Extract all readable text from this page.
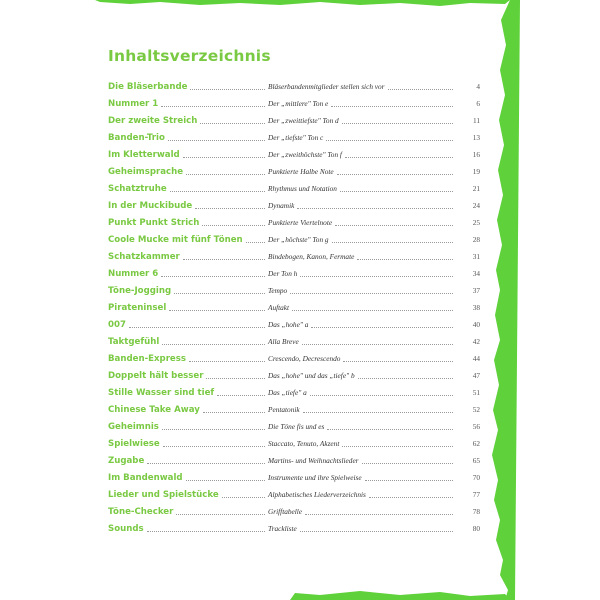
Inhaltsverzeichnis
Die Bläserbande	Bläserbandenmitglieder stellen sich vor	4
Nummer 1	Der „mittlere" Ton e	6
Der zweite Streich	Der „zweittiefste" Ton d	11
Banden-Trio	Der „tiefste" Ton c	13
Im Kletterwald	Der „zweithöchste" Ton f	16
Geheimsprache	Punktierte Halbe Note	19
Schatztruhe	Rhythmus und Notation	21
In der Muckibude	Dynamik	24
Punkt Punkt Strich	Punktierte Viertelnote	25
Coole Mucke mit fünf Tönen	Der „höchste" Ton g	28
Schatzkammer	Bindebogen, Kanon, Fermate	31
Nummer 6	Der Ton h	34
Töne-Jogging	Tempo	37
Pirateninsel	Auftakt	38
007	Das „hohe" a	40
Taktgefühl	Alla Breve	42
Banden-Express	Crescendo, Decrescendo	44
Doppelt hält besser	Das „hohe" und das „tiefe" b	47
Stille Wasser sind tief	Das „tiefe" a	51
Chinese Take Away	Pentatonik	52
Geheimnis	Die Töne fis und es	56
Spielwiese	Staccato, Tenuto, Akzent	62
Zugabe	Martins- und Weihnachtslieder	65
Im Bandenwald	Instrumente und ihre Spielweise	70
Lieder und Spielstücke	Alphabetisches Liederverzeichnis	77
Töne-Checker	Grifftabelle	78
Sounds	Trackliste	80
